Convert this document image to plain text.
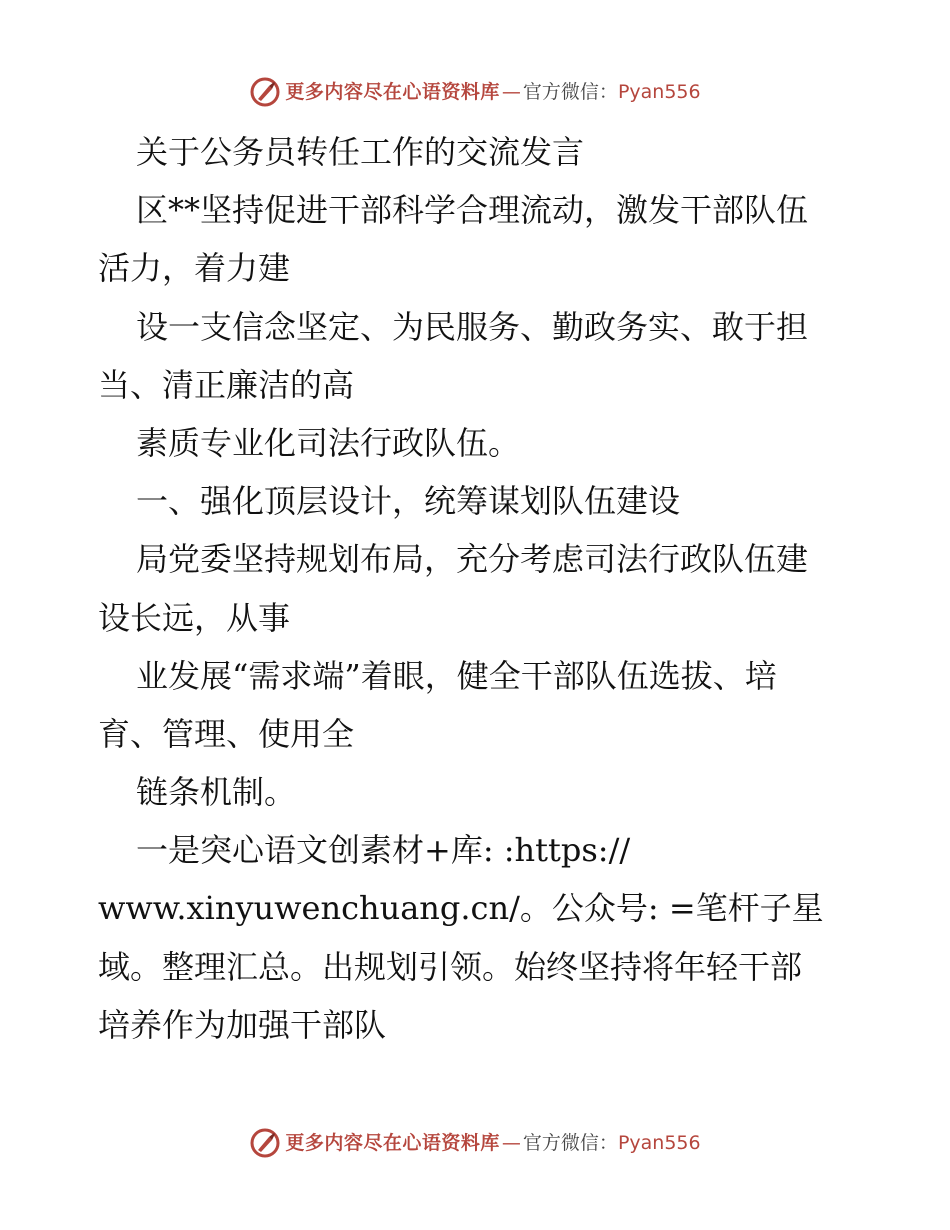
更多内容尽在心语资料库 — 官方微信： Pyan556
关于公务员转任工作的交流发言
区**坚持促进干部科学合理流动，激发干部队伍
活力，着力建
设一支信念坚定、为民服务、勤政务实、敢于担
当、清正廉洁的高
素质专业化司法行政队伍。
一、强化顶层设计，统筹谋划队伍建设
局党委坚持规划布局，充分考虑司法行政队伍建
设长远，从事
业发展“需求端”着眼，健全干部队伍选拔、培
育、管理、使用全
链条机制。
一是突心语文创素材+库: :https://
www.xinyuwenchuang.cn/。公众号: =笔杆子星
域。整理汇总。出规划引领。始终坚持将年轻干部
培养作为加强干部队
更多内容尽在心语资料库 — 官方微信： Pyan556
